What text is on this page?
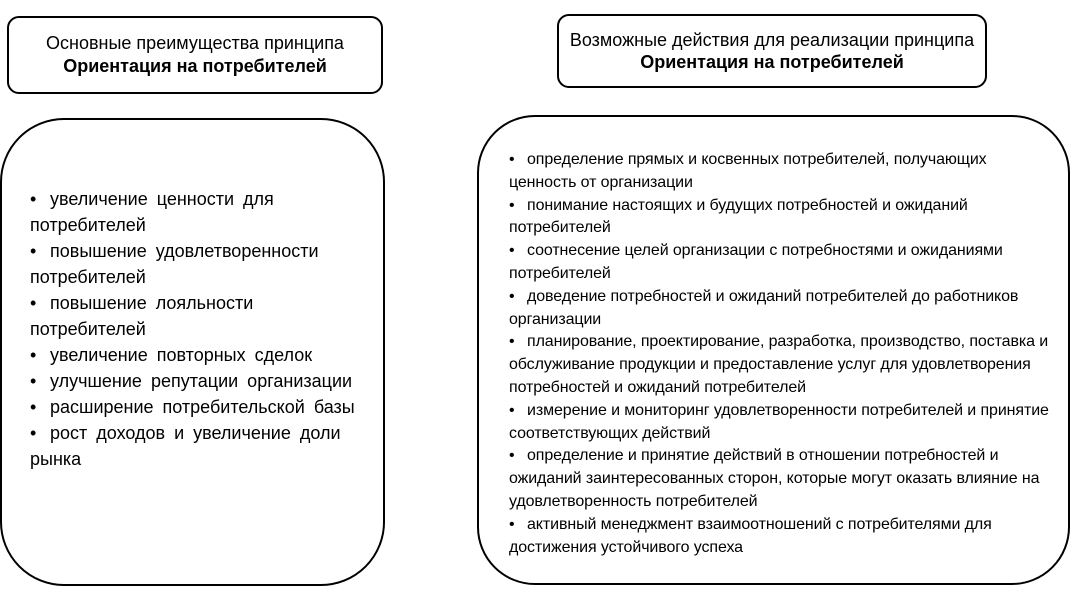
Основные преимущества принципа
Ориентация на потребителей
Возможные действия для реализации принципа
Ориентация на потребителей
• увеличение ценности для потребителей
• повышение удовлетворенности потребителей
• повышение лояльности потребителей
• увеличение повторных сделок
• улучшение репутации организации
• расширение потребительской базы
• рост доходов и увеличение доли рынка
• определение прямых и косвенных потребителей, получающих ценность от организации
• понимание настоящих и будущих потребностей и ожиданий потребителей
• соотнесение целей организации с потребностями и ожиданиями потребителей
• доведение потребностей и ожиданий потребителей до работников организации
• планирование, проектирование, разработка, производство, поставка и обслуживание продукции и предоставление услуг для удовлетворения потребностей и ожиданий потребителей
• измерение и мониторинг удовлетворенности потребителей и принятие соответствующих действий
• определение и принятие действий в отношении потребностей и ожиданий заинтересованных сторон, которые могут оказать влияние на удовлетворенность потребителей
• активный менеджмент взаимоотношений с потребителями для достижения устойчивого успеха
